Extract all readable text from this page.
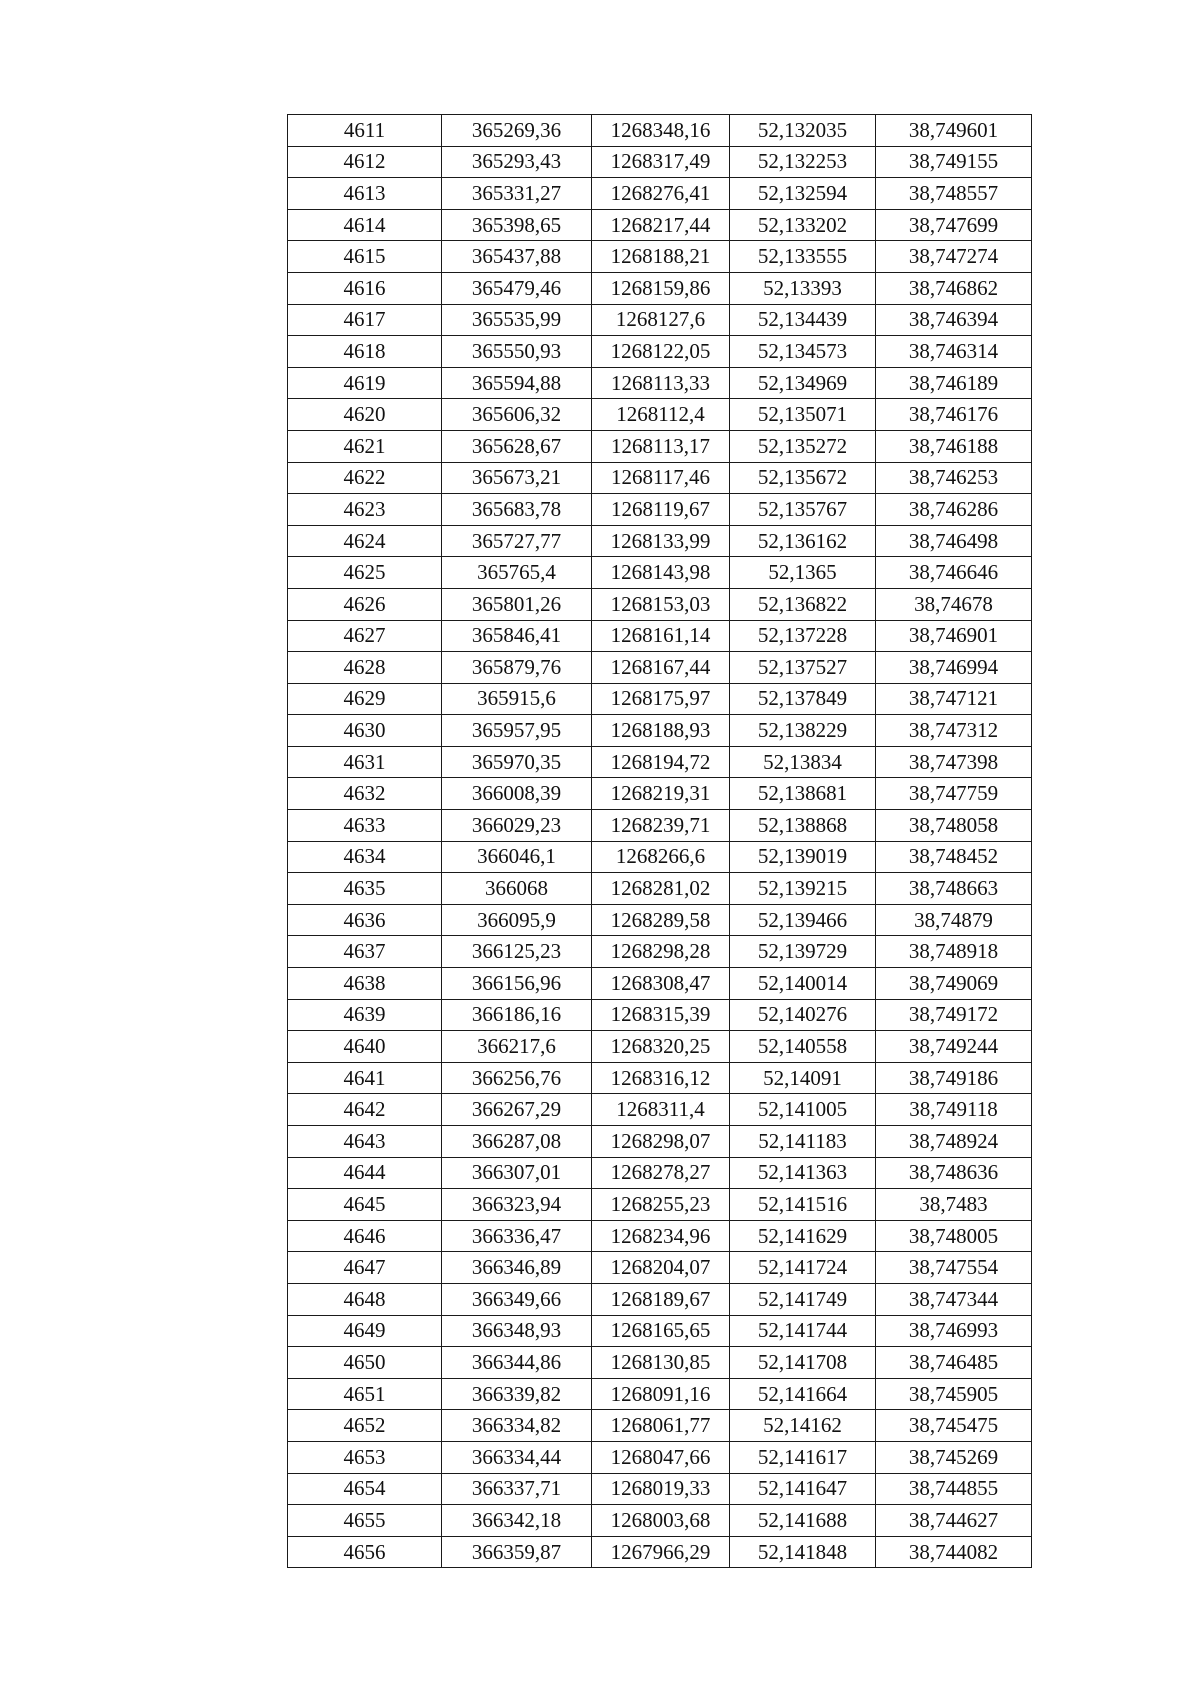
4611	365269,36	1268348,16	52,132035	38,749601
4612	365293,43	1268317,49	52,132253	38,749155
4613	365331,27	1268276,41	52,132594	38,748557
4614	365398,65	1268217,44	52,133202	38,747699
4615	365437,88	1268188,21	52,133555	38,747274
4616	365479,46	1268159,86	52,13393	38,746862
4617	365535,99	1268127,6	52,134439	38,746394
4618	365550,93	1268122,05	52,134573	38,746314
4619	365594,88	1268113,33	52,134969	38,746189
4620	365606,32	1268112,4	52,135071	38,746176
4621	365628,67	1268113,17	52,135272	38,746188
4622	365673,21	1268117,46	52,135672	38,746253
4623	365683,78	1268119,67	52,135767	38,746286
4624	365727,77	1268133,99	52,136162	38,746498
4625	365765,4	1268143,98	52,1365	38,746646
4626	365801,26	1268153,03	52,136822	38,74678
4627	365846,41	1268161,14	52,137228	38,746901
4628	365879,76	1268167,44	52,137527	38,746994
4629	365915,6	1268175,97	52,137849	38,747121
4630	365957,95	1268188,93	52,138229	38,747312
4631	365970,35	1268194,72	52,13834	38,747398
4632	366008,39	1268219,31	52,138681	38,747759
4633	366029,23	1268239,71	52,138868	38,748058
4634	366046,1	1268266,6	52,139019	38,748452
4635	366068	1268281,02	52,139215	38,748663
4636	366095,9	1268289,58	52,139466	38,74879
4637	366125,23	1268298,28	52,139729	38,748918
4638	366156,96	1268308,47	52,140014	38,749069
4639	366186,16	1268315,39	52,140276	38,749172
4640	366217,6	1268320,25	52,140558	38,749244
4641	366256,76	1268316,12	52,14091	38,749186
4642	366267,29	1268311,4	52,141005	38,749118
4643	366287,08	1268298,07	52,141183	38,748924
4644	366307,01	1268278,27	52,141363	38,748636
4645	366323,94	1268255,23	52,141516	38,7483
4646	366336,47	1268234,96	52,141629	38,748005
4647	366346,89	1268204,07	52,141724	38,747554
4648	366349,66	1268189,67	52,141749	38,747344
4649	366348,93	1268165,65	52,141744	38,746993
4650	366344,86	1268130,85	52,141708	38,746485
4651	366339,82	1268091,16	52,141664	38,745905
4652	366334,82	1268061,77	52,14162	38,745475
4653	366334,44	1268047,66	52,141617	38,745269
4654	366337,71	1268019,33	52,141647	38,744855
4655	366342,18	1268003,68	52,141688	38,744627
4656	366359,87	1267966,29	52,141848	38,744082
